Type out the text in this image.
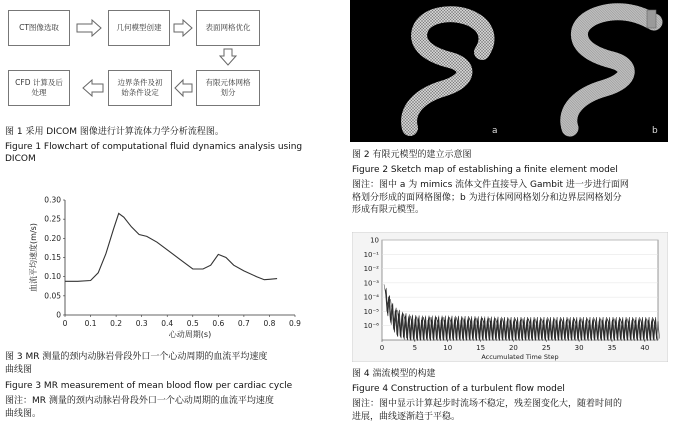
CT图像选取	几何模型创建	表面网格优化
有限元体网格划分
边界条件及初始条件设定
CFD 计算及后处理
图 1 采用 DICOM 图像进行计算流体力学分析流程图。
Figure 1 Flowchart of computational fluid dynamics analysis using
DICOM
a	b
图 2 有限元模型的建立示意图
Figure 2 Sketch map of establishing a finite element model
图注：图中 a 为 mimics 流体文件直接导入 Gambit 进一步进行面网
格划分形成的面网格图像；b 为进行体网网格划分和边界层网格划分
形成有限元模型。
0 0.1 0.2 0.3 0.4 0.5 0.6 0.7 0.8 0.9
0
0.05
0.10
0.15
0.20
0.25
0.30
心动周期(s)
血流平均速度(m/s)
图 3 MR 测量的颈内动脉岩骨段外口一个心动周期的血流平均速度
曲线图
Figure 3 MR measurement of mean blood flow per cardiac cycle
图注：MR 测量的颈内动脉岩骨段外口一个心动周期的血流平均速度
曲线图。
10
10⁻¹
10⁻²
10⁻³
10⁻⁴
10⁻⁵
10⁻⁶
0	5	10	15	20	25	30	35	40
Accumulated Time Step
图 4 湍流模型的构建
Figure 4 Construction of a turbulent flow model
图注：图中显示计算起步时流场不稳定，残差图变化大，随着时间的
进展，曲线逐渐趋于平稳。
